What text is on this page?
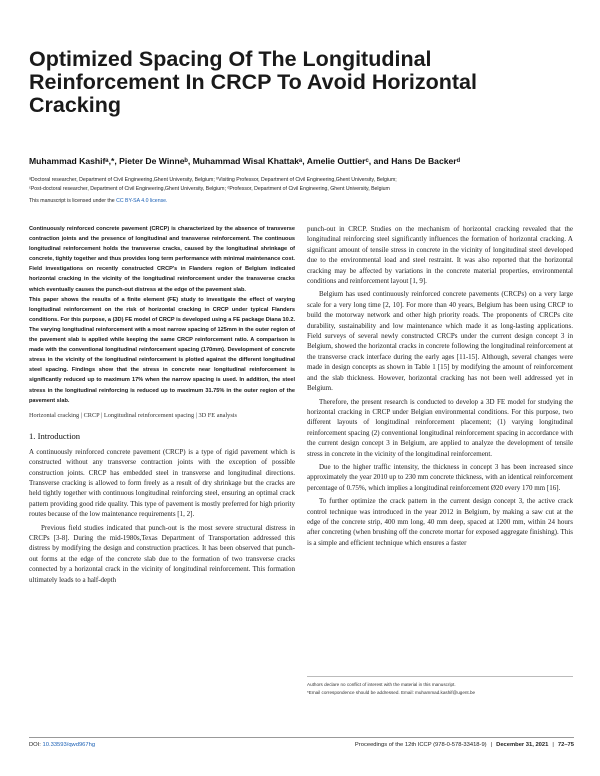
Optimized Spacing Of The Longitudinal Reinforcement In CRCP To Avoid Horizontal Cracking
Muhammad Kashifᵃ,*, Pieter De Winneᵇ, Muhammad Wisal Khattakᵃ, Amelie Outtierᶜ, and Hans De Backerᵈ
ᵃDoctoral researcher, Department of Civil Engineering,Ghent University, Belgium; ᵇVisiting Professor, Department of Civil Engineering,Ghent University, Belgium;
ᶜPost-doctoral researcher, Department of Civil Engineering,Ghent University, Belgium; ᵈProfessor, Department of Civil Engineering, Ghent University, Belgium
This manuscript is licensed under the CC BY-SA 4.0 license.

Continuously reinforced concrete pavement (CRCP) is characterized by the absence of transverse contraction joints and the presence of longitudinal and transverse reinforcement. The continuous longitudinal reinforcement holds the transverse cracks, caused by the longitudinal shrinkage of concrete, tightly together and thus provides long term performance with minimal maintenance cost. Field investigations on recently constructed CRCP's in Flanders region of Belgium indicated horizontal cracking in the vicinity of the longitudinal reinforcement under the transverse cracks which eventually causes the punch-out distress at the edge of the pavement slab.

This paper shows the results of a finite element (FE) study to investigate the effect of varying longitudinal reinforcement on the risk of horizontal cracking in CRCP under typical Flanders conditions. For this purpose, a (3D) FE model of CRCP is developed using a FE package Diana 10.2. The varying longitudinal reinforcement with a most narrow spacing of 125mm in the outer region of the pavement slab is applied while keeping the same CRCP reinforcement ratio. A comparison is made with the conventional longitudinal reinforcement spacing (170mm). Development of concrete stress in the vicinity of the longitudinal reinforcement is plotted against the different longitudinal steel spacing. Findings show that the stress in concrete near longitudinal reinforcement is significantly reduced up to maximum 17% when the narrow spacing is used. In addition, the steel stress in the longitudinal reinforcing is reduced up to maximum 31.75% in the outer region of the pavement slab.

Horizontal cracking | CRCP | Longitudinal reinforcement spacing | 3D FE analysis
1. Introduction

A continuously reinforced concrete pavement (CRCP) is a type of rigid pavement which is constructed without any transverse contraction joints with the exception of possible construction joints. CRCP has embedded steel in transverse and longitudinal directions. Transverse cracking is allowed to form freely as a result of dry shrinkage but the cracks are held tightly together with continuous longitudinal reinforcing steel, ensuring an optimal crack pattern providing good ride quality. This type of pavement is mostly preferred for high priority routes because of the low maintenance requirements [1, 2].

Previous field studies indicated that punch-out is the most severe structural distress in CRCPs [3-8]. During the mid-1980s,Texas Department of Transportation addressed this distress by modifying the design and construction practices. It has been observed that punch-out forms at the edge of the concrete slab due to the formation of two transverse cracks connected by a horizontal crack in the vicinity of longitudinal reinforcement. This formation ultimately leads to a half-depth

punch-out in CRCP. Studies on the mechanism of horizontal cracking revealed that the longitudinal reinforcing steel significantly influences the formation of horizontal cracking. A significant amount of tensile stress in concrete in the vicinity of longitudinal steel developed due to the environmental load and steel restraint. It was also reported that the horizontal cracking may be affected by variations in the concrete material properties, environmental conditions and reinforcement layout [1, 9].

Belgium has used continuously reinforced concrete pavements (CRCPs) on a very large scale for a very long time [2, 10]. For more than 40 years, Belgium has been using CRCP to build the motorway network and other high priority roads. The proponents of CRCPs cite durability, sustainability and low maintenance which made it as long-lasting applications. Field surveys of several newly constructed CRCPs under the current design concept 3 in Belgium, showed the horizontal cracks in concrete following the longitudinal reinforcement at the transverse crack interface during the early ages [11-15]. Although, several changes were made in design concepts as shown in Table 1 [15] by modifying the amount of reinforcement and the slab thickness. However, horizontal cracking has not been well addressed yet in Belgium.

Therefore, the present research is conducted to develop a 3D FE model for studying the horizontal cracking in CRCP under Belgian environmental conditions. For this purpose, two different layouts of longitudinal reinforcement placement; (1) varying longitudinal reinforcement spacing (2) conventional longitudinal reinforcement spacing in accordance with the current design concept 3 in Belgium, are applied to analyze the development of tensile stress in concrete in the vicinity of the longitudinal reinforcement.

Due to the higher traffic intensity, the thickness in concept 3 has been increased since approximately the year 2010 up to 230 mm concrete thickness, with an identical reinforcement percentage of 0.75%, which implies a longitudinal reinforcement Ø20 every 170 mm [16].

To further optimize the crack pattern in the current design concept 3, the active crack control technique was introduced in the year 2012 in Belgium, by making a saw cut at the edge of the concrete strip, 400 mm long, 40 mm deep, spaced at 1200 mm, within 24 hours after concreting (when brushing off the concrete mortar for exposed aggregate finishing). This is a simple and efficient technique which ensures a faster

Authors declare no conflict of interest with the material in this manuscript.
*Email correspondence should be addressed. Email: muhammad.kashif@ugent.be
DOI: 10.33593/qwd967hg	Proceedings of the 12th ICCP (978-0-578-33418-9) | December 31, 2021 | 72–75
